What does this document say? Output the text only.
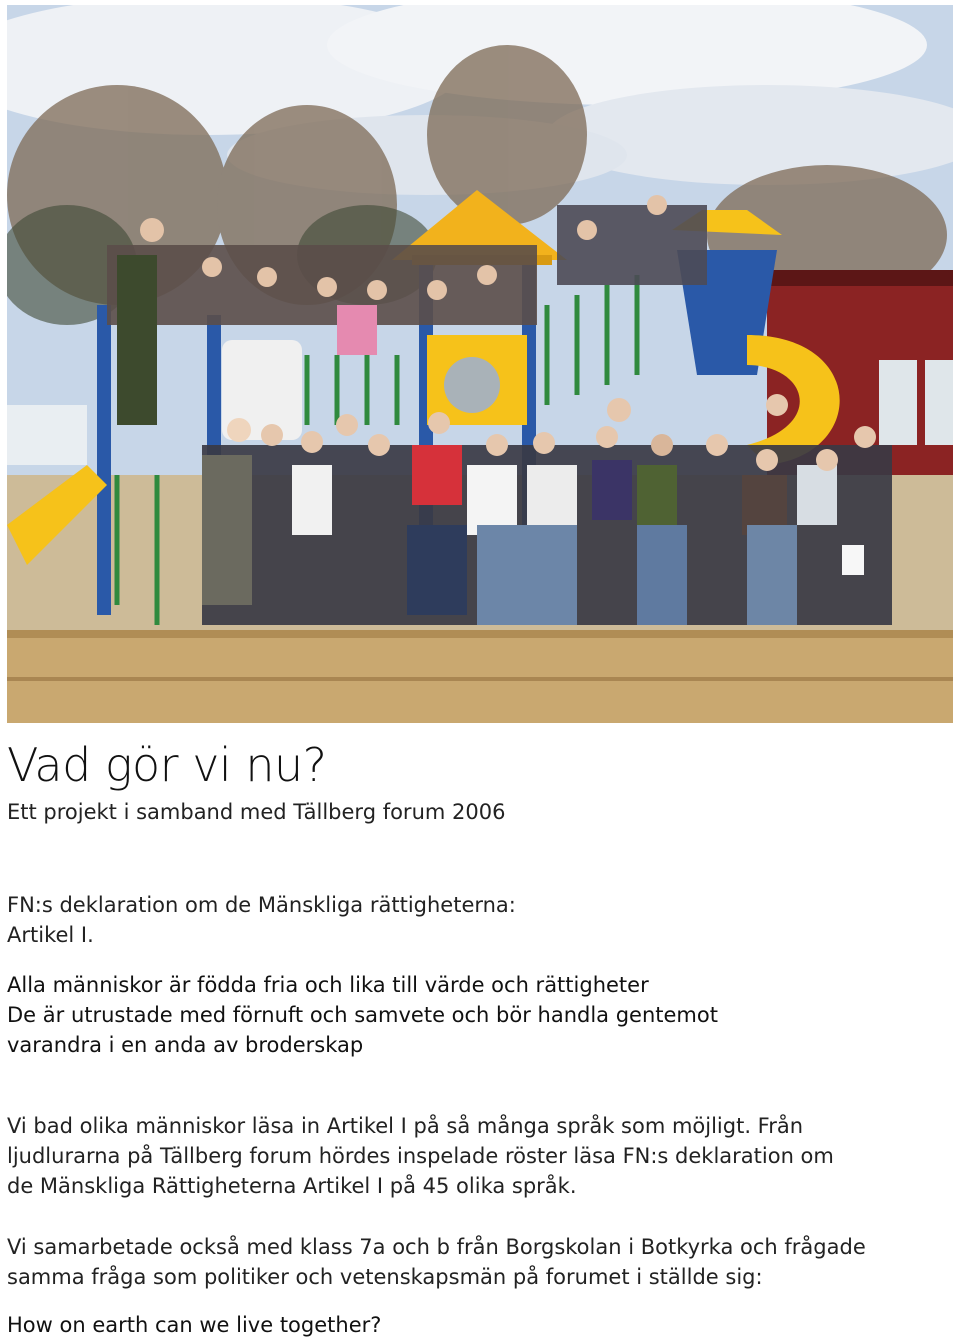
Vad gör vi nu?
Ett projekt i samband med Tällberg forum 2006
FN:s deklaration om de Mänskliga rättigheterna:
Artikel I.
Alla människor är födda fria och lika till värde och rättigheter
De är utrustade med förnuft och samvete och bör handla gentemot
varandra i en anda av broderskap
Vi bad olika människor läsa in Artikel I på så många språk som möjligt. Från
ljudlurarna på Tällberg forum hördes inspelade röster läsa FN:s deklaration om
de Mänskliga Rättigheterna Artikel I på 45 olika språk.
Vi samarbetade också med klass 7a och b från Borgskolan i Botkyrka och frågade
samma fråga som politiker och vetenskapsmän på forumet i ställde sig:
How on earth can we live together?
